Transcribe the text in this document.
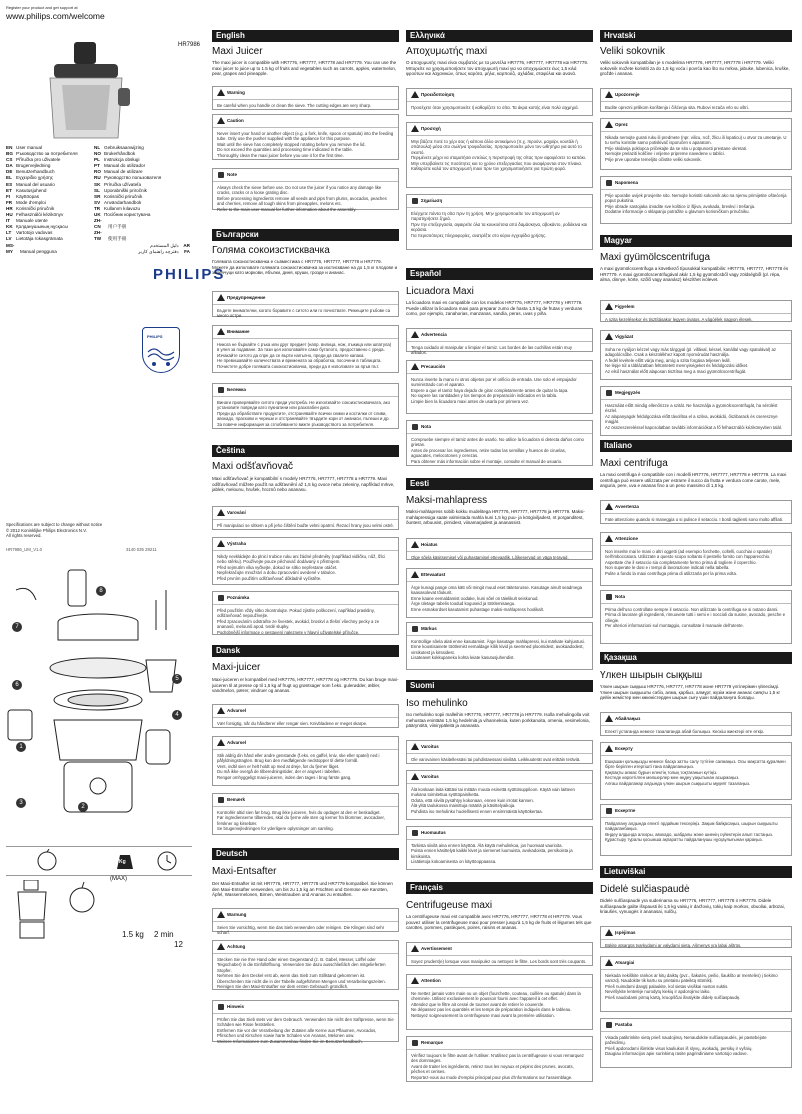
Register your product and get support at
www.philips.com/welcome
HR7986
EN User manual
BG Ръководство за потребителя
CS Příručka pro uživatele
DA Brugervejledning
DE Benutzerhandbuch
EL Εγχειρίδιο χρήσης
ES Manual del usuario
ET Kasutusjuhend
FI Käyttöopas
FR Mode d'emploi
HR Korisnički priručnik
HU Felhasználói kézikönyv
IT Manuale utente
KK Қолданушының нұсқасы
LT Vartotojo vadovas
LV Lietotāja rokasgrāmata
MS-MY Manual pengguna
NL Gebruiksaanwijzing
NO Brukerhåndbok
PL Instrukcja obsługi
PT Manual do utilizador
RO Manual de utilizare
RU Руководство пользователя
SK Príručka užívateľa
SL Uporabniški priročnik
SR Korisnički priručnik
SV Användarhandbok
TR Kullanım kılavuzu
UK Посібник користувача
ZH-CN 用户手册
ZH-TW 使用手冊
دليل المستخدم AR
دفترچه راهنمای کاربر FA
PHILIPS
PHILIPS
Specifications are subject to change without notice
© 2012 Koninklijke Philips Electronics N.V.
All rights reserved.
HR7986_UM_V1.0	3140 035 29211
8
7
6
5
4
1
2
3
Kg
(MAX)
1.5 kg 2 min
12
English
Maxi Juicer
The maxi juicer is compatible with HR7776, HR7777, HR7778 and HR7779. You can use the maxi juicer to juice up to 1.5 kg of fruits and vegetables such as carrots, apples, watermelon, pear, grapes and pineapple.
Warning
Be careful when you handle or clean the sieve. The cutting edges are very sharp.
Caution
Never insert your hand or another object (e.g. a fork, knife, spoon or spatula) into the feeding tube. Only use the pusher supplied with the appliance for this purpose.
Wait until the sieve has completely stopped rotating before you remove the lid.
Do not exceed the quantities and processing time indicated in the table.
Thoroughly clean the maxi juicer before you use it for the first time.
Note
Always check the sieve before use. Do not use the juicer if you notice any damage like cracks, cracks or a loose grating disc.
Before processing ingredients remove all seeds and pips from plums, avocados, peaches and cherries, remove all tough skins from pineapples, melons etc.
Refer to the main user manual for further information about the assembly.
Български
Голяма сокоизстисквачка
Голямата сокоизстисквачка е съвместима с HR7776, HR7777, HR7778 и HR7779. Можете да използвате голямата сокоизстисквачка за изстискване на до 1,5 кг плодове и зеленчуци като моркови, ябълки, диня, круши, грозде и ананас.
Предупреждение
Бъдете внимателни, когато боравите с ситото или го почиствате. Режещите ръбове са много остри.
Внимание
Никога не бъркайте с ръка или друг предмет (напр. вилица, нож, лъжица или шпатула) в улея за подаване. За тази цел използвайте само буталото, предоставено с уреда.
Изчакайте ситото да спре да се върти напълно, преди да свалите капака.
Не превишавайте количествата и времената за обработка, посочени в таблицата.
Почистете добре голямата сокоизстисквачка, преди да я използвате за пръв път.
Бележка
Винаги проверявайте ситото преди употреба. Не използвайте сокоизстисквачката, ако установите повреди като пукнатини или разхлабен диск.
Преди да обработвате продуктите, отстранявайте всички семки и костилки от сливи, авокадо, праскови и череши и отстранявайте твърдите кори от ананаси, пъпеши и др.
За повече информация за сглобяването вижте ръководството за потребителя.
Čeština
Maxi odšťavňovač
Maxi odšťavňovač je kompatibilní s modely HR7776, HR7777, HR7778 a HR7779. Maxi odšťavňovač můžete použít na odšťavnění až 1,5 kg ovoce nebo zeleniny, například mrkve, jablek, melounu, hrušek, hroznů nebo ananasu.
Varování
Při manipulaci se sítkem a při jeho čištění buďte velmi opatrní. Řezací hrany jsou velmi ostré.
Výstraha
Nikdy nevkládejte do plnicí trubice ruku ani žádné předměty (například vidličku, nůž, lžíci nebo stěrku). Používejte pouze pěchovač dodávaný s přístrojem.
Před sejmutím víka vyčkejte, dokud se sítko nepřestane otáčet.
Nepřekračujte množství a dobu zpracování uvedené v tabulce.
Před prvním použitím odšťavňovač důkladně vyčistěte.
Poznámka
Před použitím vždy sítko zkontrolujte. Pokud zjistíte poškození, například praskliny, odšťavňovač nepoužívejte.
Před zpracováním odstraňte ze švestek, avokád, broskví a třešní všechny pecky a ze ananasů, melounů apod. tvrdé slupky.
Podrobnější informace o sestavení naleznete v hlavní uživatelské příručce.
Dansk
Maxi-juicer
Maxi-juiceren er kompatibel med HR7776, HR7777, HR7778 og HR7779. Du kan bruge maxi-juiceren til at presse op til 1,5 kg af frugt og grøntsager som f.eks. gulerødder, æbler, vandmelon, pærer, vindruer og ananas.
Advarsel
Vær forsigtig, når du håndterer eller rengør sien. Knivbladene er meget skarpe.
Advarsel
Stik aldrig din hånd eller andre genstande (f.eks. en gaffel, kniv, ske eller spatel) ned i påfyldningstragten. Brug kun den medfølgende nedstopper til dette formål.
Vent, indtil sien er helt holdt op med at dreje, før du fjerner låget.
Du må ikke overgå de tilberedningstider, der er angivet i tabellen.
Rengør omhyggeligt maxi-juiceren, inden den tages i brug første gang.
Bemærk
Kontrollér altid sien før brug. Brug ikke juiceren, hvis du opdager at den er beskadiget.
Før ingredienserne tilberedes, skal du fjerne alle sten og kerner fra blommer, avocadoer, ferskner og kirsebær.
Se brugervejledningen for yderligere oplysninger om samling.
Deutsch
Maxi-Entsafter
Der Maxi-Entsafter ist mit HR7776, HR7777, HR7778 und HR7779 kompatibel. Sie können den Maxi-Entsafter verwenden, um bis zu 1,5 kg an Früchten und Gemüse wie Karotten, Äpfel, Wassermelonen, Birnen, Weintrauben und Ananas zu entsaften.
Warnung
Seien Sie vorsichtig, wenn Sie das Sieb verwenden oder reinigen. Die Klingen sind sehr scharf.
Achtung
Stecken Sie nie Ihre Hand oder einen Gegenstand (z. B. Gabel, Messer, Löffel oder Teigschaber) in die Einfüllöffnung. Verwenden Sie dazu ausschließlich den mitgelieferten Stopfer.
Nehmen Sie den Deckel erst ab, wenn das Sieb zum Stillstand gekommen ist.
Überschreiten Sie nicht die in der Tabelle aufgeführten Mengen und Verarbeitungszeiten.
Reinigen Sie den Maxi-Entsafter vor dem ersten Gebrauch gründlich.
Hinweis
Prüfen Sie das Sieb stets vor dem Gebrauch. Verwenden Sie nicht den Saftpresse, wenn Sie Schäden wie Risse feststellen.
Entfernen Sie vor der Verarbeitung der Zutaten alle Kerne aus Pflaumen, Avocados, Pfirsichen und Kirschen sowie harte Schalen von Ananas, Melonen usw.
Weitere Informationen zum Zusammenbau finden Sie im Benutzerhandbuch.
Ελληνικά
Αποχυμωτής maxi
Ο αποχυμωτής maxi είναι συμβατός με τα μοντέλα HR7776, HR7777, HR7778 και HR7779. Μπορείτε να χρησιμοποιήσετε τον αποχυμωτή maxi για να αποχυμώσετε έως 1,5 κιλά φρούτων και λαχανικών, όπως καρότα, μήλα, καρπούζι, αχλάδια, σταφύλια και ανανά.
Προειδοποίηση
Προσέχετε όταν χρησιμοποιείτε ή καθαρίζετε το σίτα. Τα άκρα κοπής είναι πολύ αιχμηρά.
Προσοχή
Μην βάζετε ποτέ το χέρι σας ή κάποιο άλλο αντικείμενο (π.χ. πιρούνι, μαχαίρι, κουτάλι ή σπάτουλα) μέσα στο σωλήνα τροφοδοσίας. Χρησιμοποιείτε μόνο τον ωθητήρα για αυτό το σκοπό.
Περιμένετε μέχρι να σταματήσει εντελώς η περιστροφή της σίτας πριν αφαιρέσετε το καπάκι.
Μην υπερβαίνετε τις ποσότητες και το χρόνο επεξεργασίας που αναφέρονται στον πίνακα.
Καθαρίστε καλά τον αποχυμωτή maxi πριν τον χρησιμοποιήσετε για πρώτη φορά.
Σημείωση
Ελέγχετε πάντα τη σίτα πριν τη χρήση. Μην χρησιμοποιείτε τον αποχυμωτή αν παρατηρήσετε ζημιά.
Πριν την επεξεργασία, αφαιρείτε όλα τα κουκούτσια από δαμάσκηνα, αβοκάντο, ροδάκινα και κεράσια.
Για περισσότερες πληροφορίες, ανατρέξτε στο κύριο εγχειρίδιο χρήσης.
Español
Licuadora Maxi
La licuadora maxi es compatible con los modelos HR7776, HR7777, HR7778 y HR7779. Puede utilizar la licuadora maxi para preparar zumo de hasta 1,5 kg de frutas y verduras como, por ejemplo, zanahorias, manzanas, sandía, peras, uvas y piña.
Advertencia
Tenga cuidado al manipular o limpiar el tamiz. Los bordes de las cuchillas están muy afilados.
Precaución
Nunca inserte la mano ni otros objetos por el orificio de entrada. Use solo el empujador suministrado con el aparato.
Espere a que el tamiz haya dejado de girar completamente antes de quitar la tapa.
No supere las cantidades y los tiempos de preparación indicados en la tabla.
Limpie bien la licuadora maxi antes de usarla por primera vez.
Nota
Compruebe siempre el tamiz antes de usarlo. No utilice la licuadora si detecta daños como grietas.
Antes de procesar los ingredientes, retire todas las semillas y huesos de ciruelas, aguacates, melocotones y cerezas.
Para obtener más información sobre el montaje, consulte el manual de usuario.
Eesti
Maksi-mahlapress
Maksi-mahlapress sobib kokku mudelitega HR7776, HR7777, HR7778 ja HR7779. Maksi-mahlapressiga saate valmistada mahla kuni 1,5 kg puu- ja köögiviljadest, nt porganditest, õuntest, arbuusist, pirnidest, viinamarjadest ja ananassist.
Hoiatus
Olge sõela käsitsemisel või puhastamisel ettevaatlik. Lõikeservad on väga teravad.
Ettevaatust
Ärge kunagi pange oma kätt või mingit muud eset täitetorusse. Kasutage ainult seadmega kaasasolevat tõukurit.
Enne kaane eemaldamist oodake, kuni sõel on täielikult seiskunud.
Ärge ületage tabelis toodud koguseid ja töötlemisaegu.
Enne esmakordset kasutamist puhastage maksi-mahlapress hoolikalt.
Märkus
Kontrollige sõela alati enne kasutamist. Ärge kasutage mahlapressi, kui märkate kahjustusi.
Enne koostisainete töötlemist eemaldage kõik kivid ja seemned ploomidest, avokaadodest, virsikutest ja kirssidest.
Lisateavet kokkupaneku kohta leiate kasutusjuhendist.
Suomi
Iso mehulinko
Iso mehulinko sopii malleihin HR7776, HR7777, HR7778 ja HR7779. Isolla mehulingolla voit mehustaa enintään 1,5 kg hedelmiä ja vihanneksia, kuten porkkanoita, omenia, vesimelonia, päärynöitä, viinirypäleitä ja ananasta.
Varoitus
Ole varovainen käsitellessäsi tai puhdistaessasi siivilää. Leikkuuterät ovat erittäin teräviä.
Varoitus
Älä koskaan laita kättäsi tai mitään muuta esinettä syöttösuppiloon. Käytä vain laitteen mukana toimitettua syöttöpainiketta.
Odota, että siivilä pysähtyy kokonaan, ennen kuin irrotat kannen.
Älä ylitä taulukossa mainittuja määriä ja käsittelyaikoja.
Puhdista iso mehulinko huolellisesti ennen ensimmäistä käyttökertaa.
Huomautus
Tarkista siivilä aina ennen käyttöä. Älä käytä mehulinkoa, jos huomaat vaurioita.
Poista ennen käsittelyä kaikki kivet ja siemenet luumuista, avokadoista, persikoista ja kirsikoista.
Lisätietoja kokoamisesta on käyttöoppaassa.
Français
Centrifugeuse maxi
La centrifugeuse maxi est compatible avec HR7776, HR7777, HR7778 et HR7779. Vous pouvez utiliser la centrifugeuse maxi pour presser jusqu'à 1,5 kg de fruits et légumes tels que carottes, pommes, pastèques, poires, raisins et ananas.
Avertissement
Soyez prudent(e) lorsque vous manipulez ou nettoyez le filtre. Les bords sont très coupants.
Attention
Ne mettez jamais votre main ou un objet (fourchette, couteau, cuillère ou spatule) dans la cheminée. Utilisez exclusivement le poussoir fourni avec l'appareil à cet effet.
Attendez que le filtre ait cessé de tourner avant de retirer le couvercle.
Ne dépassez pas les quantités et les temps de préparation indiqués dans le tableau.
Nettoyez soigneusement la centrifugeuse maxi avant la première utilisation.
Remarque
Vérifiez toujours le filtre avant de l'utiliser. N'utilisez pas la centrifugeuse si vous remarquez des dommages.
Avant de traiter les ingrédients, retirez tous les noyaux et pépins des prunes, avocats, pêches et cerises.
Reportez-vous au mode d'emploi principal pour plus d'informations sur l'assemblage.
Hrvatski
Veliki sokovnik
Veliki sokovnik kompatibilan je s modelima HR7776, HR7777, HR7778 i HR7779. Veliki sokovnik možete koristiti za do 1,5 kg voća i povrća kao što su mrkva, jabuke, lubenica, kruške, grožđe i ananas.
Upozorenje
Budite oprezni prilikom korištenja i čišćenja sita. Rubovi rezača vrlo su oštri.
Oprez
Nikada nemojte gurati ruku ili predmete (npr. vilicu, nož, žlicu ili lopaticu) u otvor za umetanje. U tu svrhu koristite samo potiskivač isporučen s aparatom.
Prije skidanja poklopca pričekajte da se sito u potpunosti prestane okretati.
Nemojte prelaziti količine i vrijeme pripreme navedene u tablici.
Prije prve uporabe temeljito očistite veliki sokovnik.
Napomena
Prije uporabe uvijek provjerite sito. Nemojte koristiti sokovnik ako na njemu primijetite oštećenja poput pukotina.
Prije obrade sastojaka izvadite sve koštice iz šljiva, avokada, breskvi i trešanja.
Dodatne informacije o sklapanju potražite u glavnom korisničkom priručniku.
Magyar
Maxi gyümölcscentrifuga
A maxi gyümölcscentrifuga a következő típusokkal kompatibilis: HR7776, HR7777, HR7778 és HR7779. A maxi gyümölcscentrifugával akár 1,5 kg gyümölcsből vagy zöldségből (pl. répa, alma, dinnye, körte, szőlő vagy ananász) készíthet ivólevet.
Figyelem
A szita kezelésekor és tisztításakor legyen óvatos. A vágóélek nagyon élesek.
Vigyázat
Soha ne nyúljon kézzel vagy más tárggyal (pl. villával, késsel, kanállal vagy spatulával) az adagolócsőbe. Csak a készülékhez kapott nyomórudat használja.
A fedél levétele előtt várja meg, amíg a szita forgása teljesen leáll.
Ne lépje túl a táblázatban feltüntetett mennyiségeket és feldolgozási időket.
Az első használat előtt alaposan tisztítsa meg a maxi gyümölcscentrifugát.
Megjegyzés
Használat előtt mindig ellenőrizze a szitát. Ne használja a gyümölcscentrifugát, ha sérülést észlel.
Az alapanyagok feldolgozása előtt távolítsa el a szilva, avokádó, őszibarack és cseresznye magját.
Az összeszereléssel kapcsolatban további információkat a fő felhasználói kézikönyvben talál.
Italiano
Maxi centrifuga
La maxi centrifuga è compatibile con i modelli HR7776, HR7777, HR7778 e HR7779. La maxi centrifuga può essere utilizzata per estrarre il succo da frutta e verdura come carote, mele, anguria, pere, uva e ananas fino a un peso massimo di 1,5 kg.
Avvertenza
Fate attenzione quando si maneggia o si pulisce il setaccio. I bordi taglienti sono molto affilati.
Attenzione
Non inserite mai le mani o altri oggetti (ad esempio forchette, coltelli, cucchiai o spatole) nell'imboccatura. Utilizzate a questo scopo soltanto il pestello fornito con l'apparecchio.
Aspettate che il setaccio sia completamente fermo prima di togliere il coperchio.
Non superate le dosi e i tempi di lavorazione indicati nella tabella.
Pulite a fondo la maxi centrifuga prima di utilizzarla per la prima volta.
Nota
Prima dell'uso controllate sempre il setaccio. Non utilizzate la centrifuga se si notano danni.
Prima di lavorare gli ingredienti, rimuovete tutti i semi e i noccioli da susine, avocado, pesche e ciliegie.
Per ulteriori informazioni sul montaggio, consultate il manuale dell'utente.
Қазақша
Үлкен шырын сыққыш
Үлкен шырын сыққыш HR7776, HR7777, HR7778 және HR7779 үлгілерімен үйлесімді. Үлкен шырын сыққышты сәбіз, алма, қарбыз, алмұрт, жүзім және ананас сияқты 1,5 кг дейін жемістер мен көкөністерден шырын сығу үшін пайдалануға болады.
Абайлаңыз
Електі ұстағанда немесе тазалағанда абай болыңыз. Кескіш жиектері өте өткір.
Ескерту
Ешқашан қолыңызды немесе басқа затты салу түтігіне салмаңыз. Осы мақсатта құралмен бірге берілген итергішті ғана пайдаланыңыз.
Қақпақты алмас бұрын електің толық тоқтағанын күтіңіз.
Кестеде көрсетілген мөлшерлер мен өңдеу уақытынан асырмаңыз.
Алғаш пайдаланар алдында үлкен шырын сыққышты мұқият тазалаңыз.
Ескертпе
Пайдалану алдында електі әрдайым тексеріңіз. Зақым байқасаңыз, шырын сыққышты пайдаланбаңыз.
Өңдеу алдында алхоры, авокадо, шабдалы және шиенің сүйектерін алып тастаңыз.
Құрастыру туралы қосымша ақпаратты пайдаланушы нұсқаулығынан қараңыз.
Lietuviškai
Didelė sulčiaspaudė
Didelė sulčiaspaudė yra suderinama su HR7776, HR7777, HR7778 ir HR7779. Didele sulčiaspaude galite išspausti iki 1,5 kg vaisių ir daržovių, tokių kaip morkos, obuoliai, arbūzai, kriaušės, vynuogės ir ananasai, sulčių.
Įspėjimas
Būkite atsargūs tvarkydami ar valydami sietą. Ašmenys yra labai aštrūs.
Atsargiai
Niekada nekiškite rankos ar kitų daiktų (pvz., šakutės, peilio, šaukšto ar mentelės) į tiekimo vamzdį. Naudokite tik kartu su prietaisu pateiktą stūmiklį.
Prieš nuimdami dangtį palaukite, kol sietas visiškai nustos suktis.
Neviršykite lentelėje nurodytų kiekių ir apdorojimo laiko.
Prieš naudodami pirmą kartą, kruopščiai išvalykite didelę sulčiaspaudę.
Pastaba
Visada patikrinkite sietą prieš naudojimą. Nenaudokite sulčiaspaudės, jei pastebėjote pažeidimų.
Prieš apdorodami išimkite visus kauliukus iš slyvų, avokadų, persikų ir vyšnių.
Daugiau informacijos apie surinkimą rasite pagrindiniame vartotojo vadove.
